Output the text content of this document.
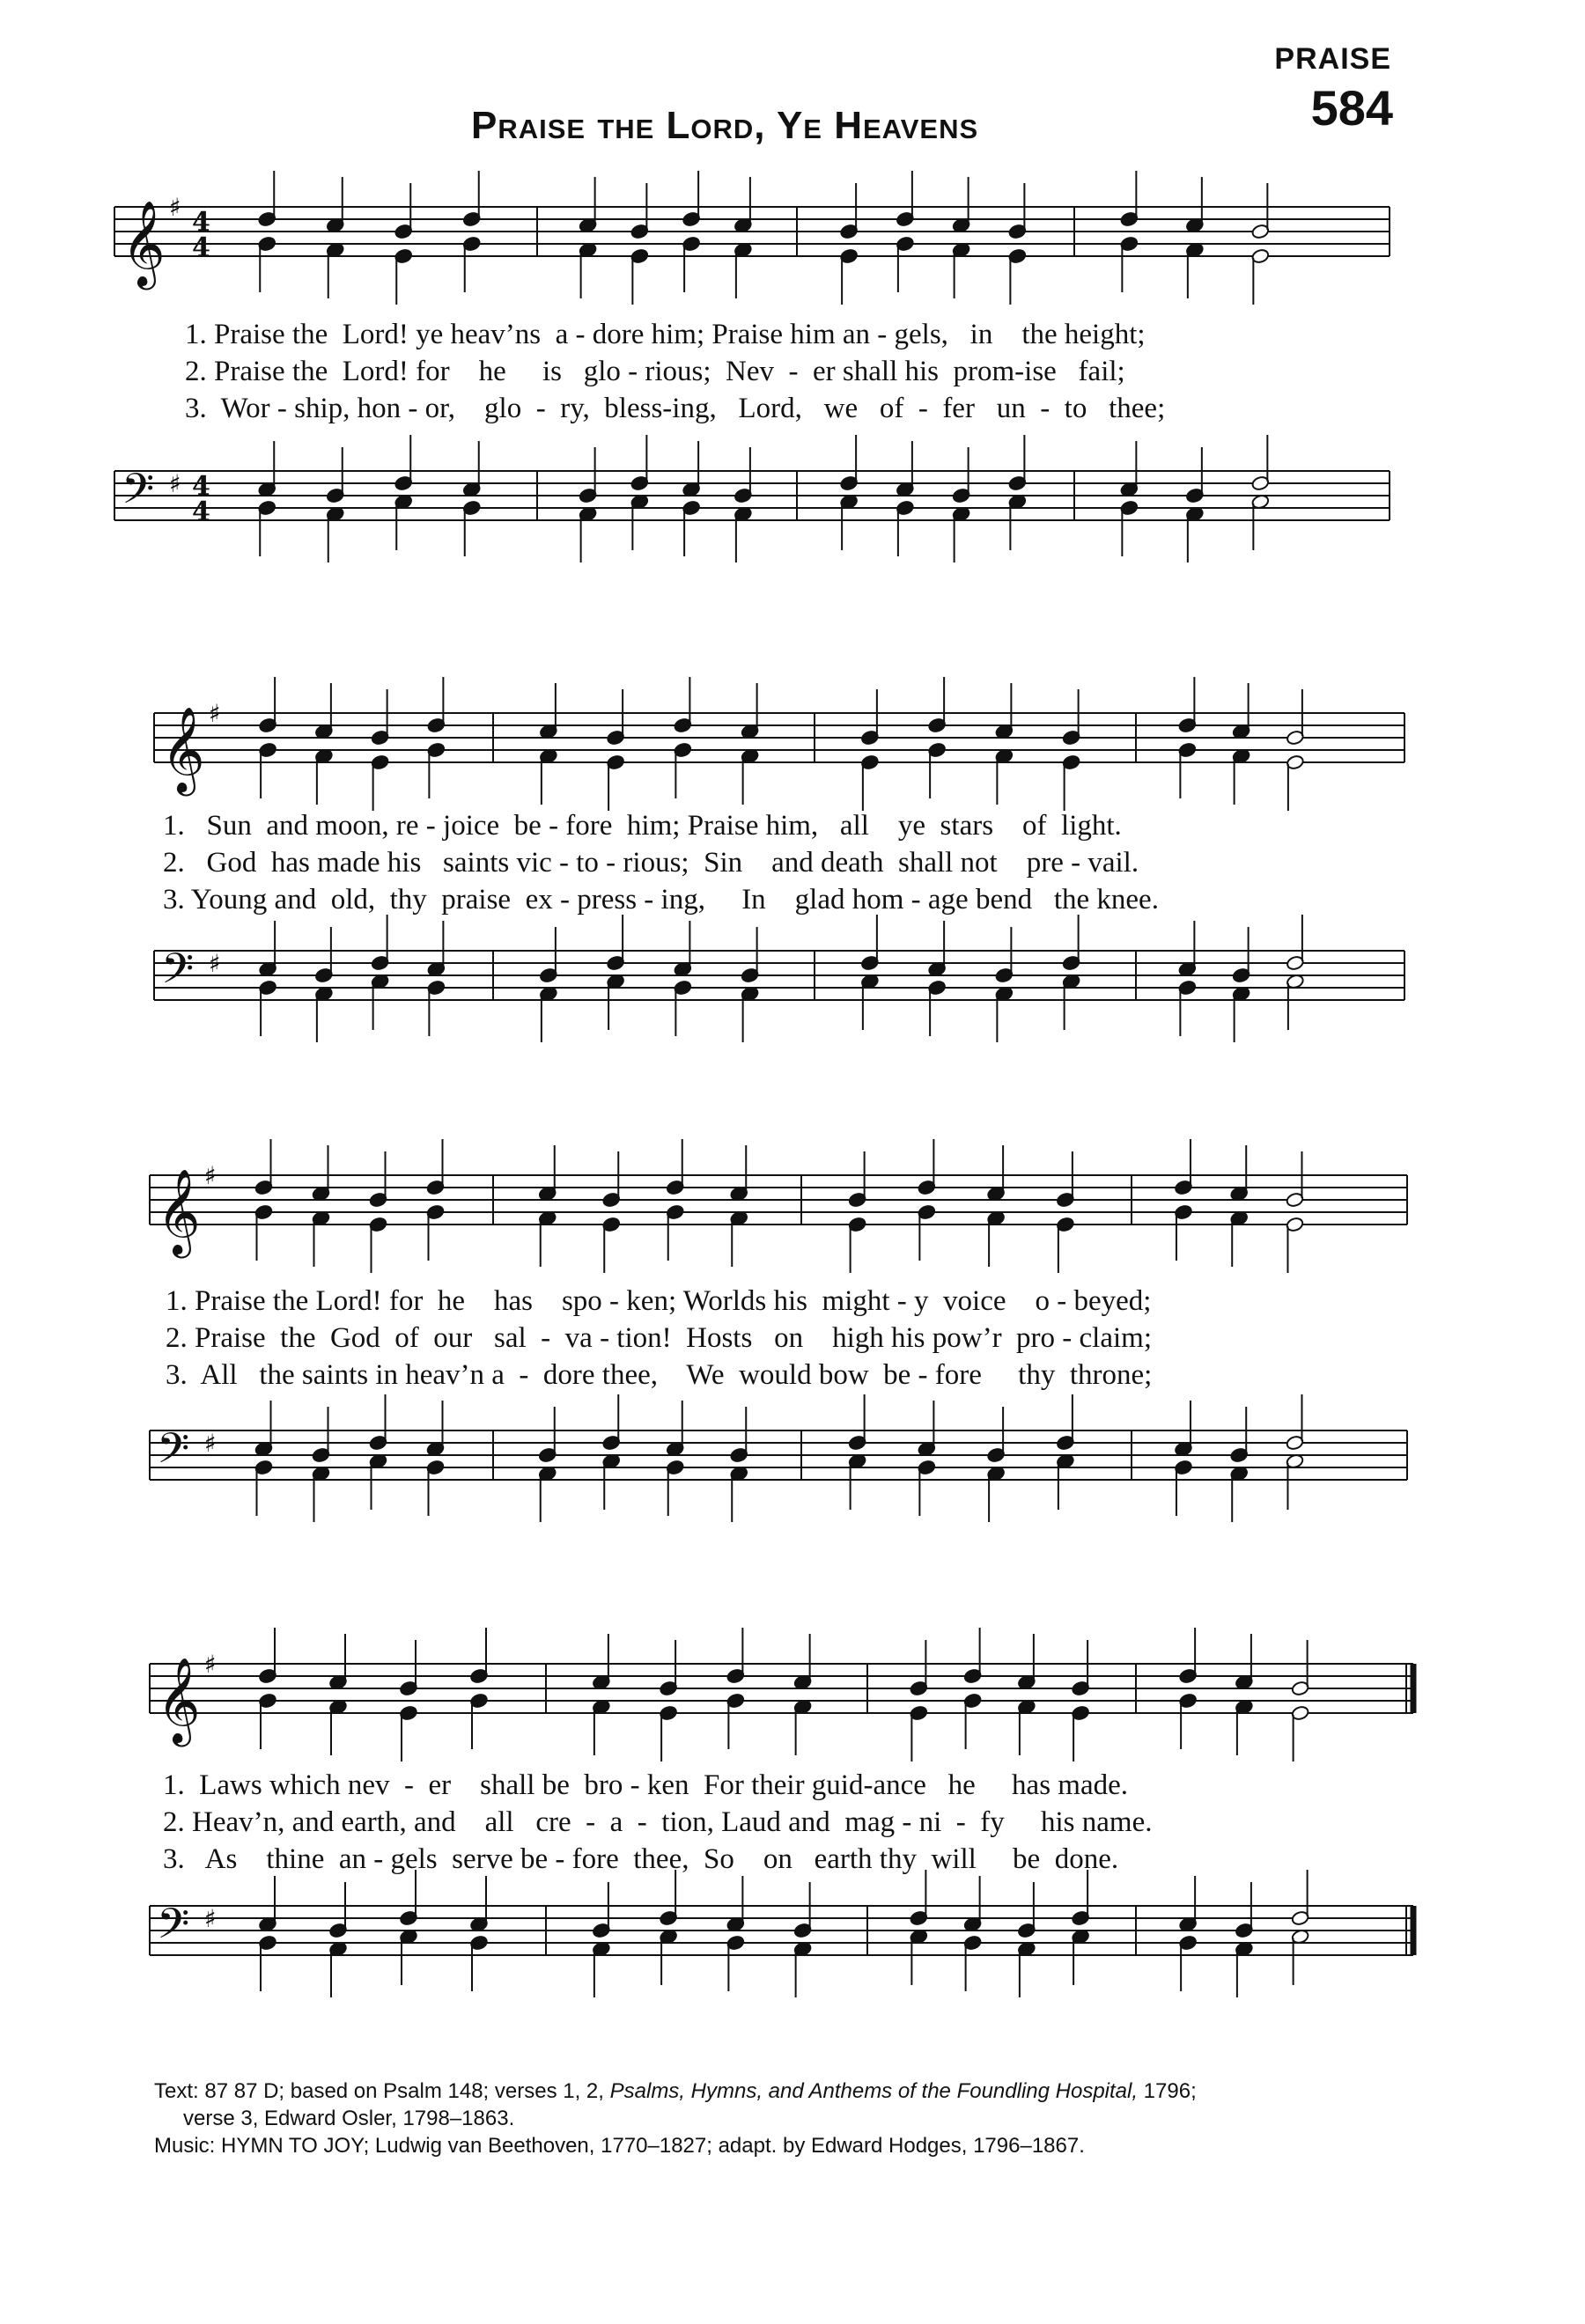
PRAISE
584
Praise the Lord, Ye Heavens
1. Praise the  Lord! ye heav’ns  a - dore him; Praise him an - gels,   in    the height;
2. Praise the  Lord! for    he     is   glo - rious;  Nev  -  er shall his  prom-ise   fail;
3.  Wor - ship, hon - or,    glo  -  ry,  bless-ing,   Lord,   we   of  -  fer   un  -  to   thee;
1.   Sun  and moon, re - joice  be - fore  him; Praise him,   all    ye  stars    of  light.
2.   God  has made his   saints vic - to - rious;  Sin    and death  shall not    pre - vail.
3. Young and  old,  thy  praise  ex - press - ing,     In    glad hom - age bend   the knee.
1. Praise the Lord! for  he    has    spo - ken; Worlds his  might - y  voice    o - beyed;
2. Praise  the  God  of  our   sal  -  va - tion!  Hosts   on    high his pow’r  pro - claim;
3.  All   the saints in heav’n a  -  dore thee,    We  would bow  be - fore     thy  throne;
1.  Laws which nev  -  er    shall be  bro - ken  For their guid-ance   he     has made.
2. Heav’n, and earth, and    all   cre  -  a  -  tion, Laud and  mag - ni  -  fy     his name.
3.   As    thine  an - gels  serve be - fore  thee,  So    on   earth thy  will     be  done.
𝄞
𝄢
♯
♯
4
4
4
4
𝄞
𝄢
♯
♯
𝄞
𝄢
♯
♯
𝄞
𝄢
♯
♯
Text: 87 87 D; based on Psalm 148; verses 1, 2, Psalms, Hymns, and Anthems of the Foundling Hospital, 1796;
verse 3, Edward Osler, 1798–1863.
Music: HYMN TO JOY; Ludwig van Beethoven, 1770–1827; adapt. by Edward Hodges, 1796–1867.
